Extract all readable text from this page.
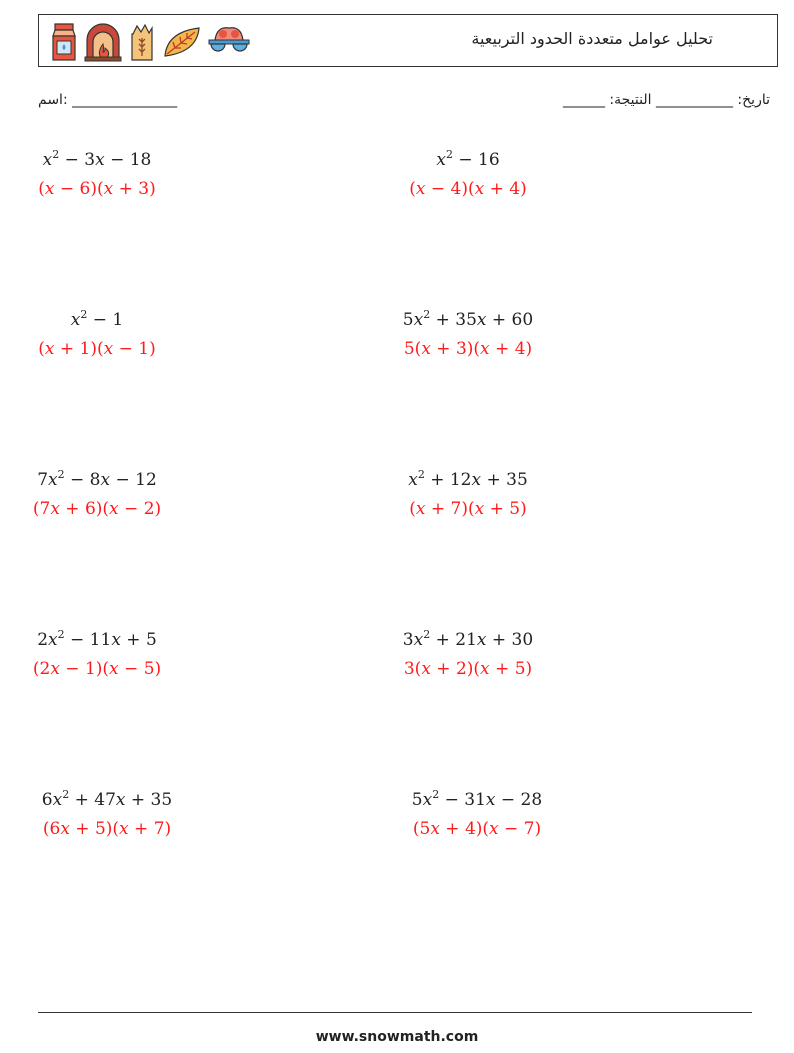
تحليل عوامل متعددة الحدود التربيعية
اسم: _______________	______ :تاريخ: ___________ النتيجة
$x^2 - 3x - 18$
(x − 6)(x + 3)
$x^2 - 16$
(x − 4)(x + 4)
$x^2 - 1$
(x + 1)(x − 1)
$5x^2 + 35x + 60$
5(x + 3)(x + 4)
$7x^2 - 8x - 12$
(7x + 6)(x − 2)
$x^2 + 12x + 35$
(x + 7)(x + 5)
$2x^2 - 11x + 5$
(2x − 1)(x − 5)
$3x^2 + 21x + 30$
3(x + 2)(x + 5)
$6x^2 + 47x + 35$
(6x + 5)(x + 7)
$5x^2 - 31x - 28$
(5x + 4)(x − 7)
www.snowmath.com
